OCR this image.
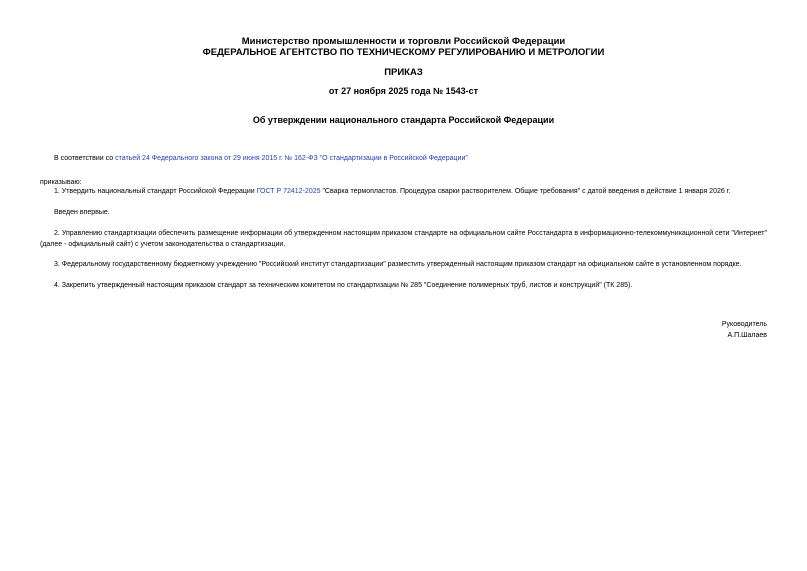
Министерство промышленности и торговли Российской Федерации
ФЕДЕРАЛЬНОЕ АГЕНТСТВО ПО ТЕХНИЧЕСКОМУ РЕГУЛИРОВАНИЮ И МЕТРОЛОГИИ
ПРИКАЗ
от 27 ноября 2025 года № 1543-ст
Об утверждении национального стандарта Российской Федерации
В соответствии со статьей 24 Федерального закона от 29 июня 2015 г. № 162-ФЗ "О стандартизации в Российской Федерации"
приказываю:
1. Утвердить национальный стандарт Российской Федерации ГОСТ Р 72412-2025 "Сварка термопластов. Процедура сварки растворителем. Общие требования" с датой введения в действие 1 января 2026 г.
Введен впервые.
2. Управлению стандартизации обеспечить размещение информации об утвержденном настоящим приказом стандарте на официальном сайте Росстандарта в информационно-телекоммуникационной сети "Интернет" (далее - официальный сайт) с учетом законодательства о стандартизации.
3. Федеральному государственному бюджетному учреждению "Российский институт стандартизации" разместить утвержденный настоящим приказом стандарт на официальном сайте в установленном порядке.
4. Закрепить утвержденный настоящим приказом стандарт за техническим комитетом по стандартизации № 285 "Соединение полимерных труб, листов и конструкций" (ТК 285).
Руководитель
А.П.Шалаев
